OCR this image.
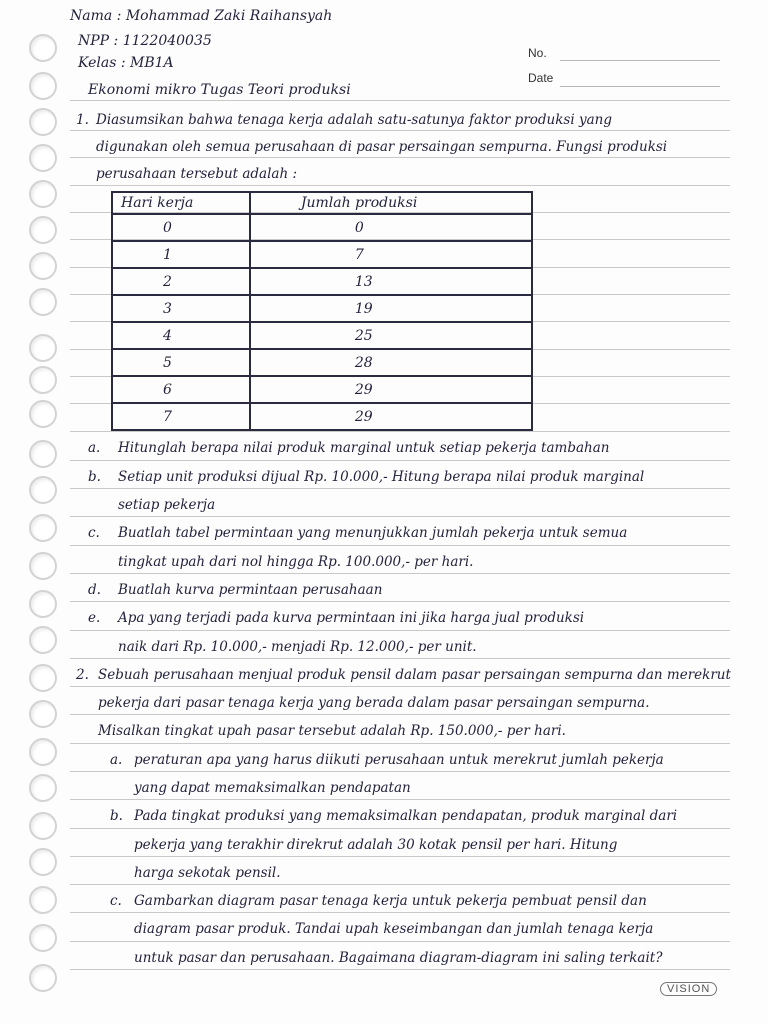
No.
Date
Nama : Mohammad Zaki Raihansyah
NPP : 1122040035
Kelas : MB1A
Ekonomi mikro Tugas Teori produksi
1. Diasumsikan bahwa tenaga kerja adalah satu-satunya faktor produksi yang
digunakan oleh semua perusahaan di pasar persaingan sempurna. Fungsi produksi
perusahaan tersebut adalah :
Hari kerja	Jumlah produksi
0	0
1	7
2	13
3	19
4	25
5	28
6	29
7	29
a. Hitunglah berapa nilai produk marginal untuk setiap pekerja tambahan
b. Setiap unit produksi dijual Rp. 10.000,- Hitung berapa nilai produk marginal
setiap pekerja
c. Buatlah tabel permintaan yang menunjukkan jumlah pekerja untuk semua
tingkat upah dari nol hingga Rp. 100.000,- per hari.
d. Buatlah kurva permintaan perusahaan
e. Apa yang terjadi pada kurva permintaan ini jika harga jual produksi
naik dari Rp. 10.000,- menjadi Rp. 12.000,- per unit.
2. Sebuah perusahaan menjual produk pensil dalam pasar persaingan sempurna dan merekrut
pekerja dari pasar tenaga kerja yang berada dalam pasar persaingan sempurna.
Misalkan tingkat upah pasar tersebut adalah Rp. 150.000,- per hari.
a. peraturan apa yang harus diikuti perusahaan untuk merekrut jumlah pekerja
yang dapat memaksimalkan pendapatan
b. Pada tingkat produksi yang memaksimalkan pendapatan, produk marginal dari
pekerja yang terakhir direkrut adalah 30 kotak pensil per hari. Hitung
harga sekotak pensil.
c. Gambarkan diagram pasar tenaga kerja untuk pekerja pembuat pensil dan
diagram pasar produk. Tandai upah keseimbangan dan jumlah tenaga kerja
untuk pasar dan perusahaan. Bagaimana diagram-diagram ini saling terkait?
VISION
